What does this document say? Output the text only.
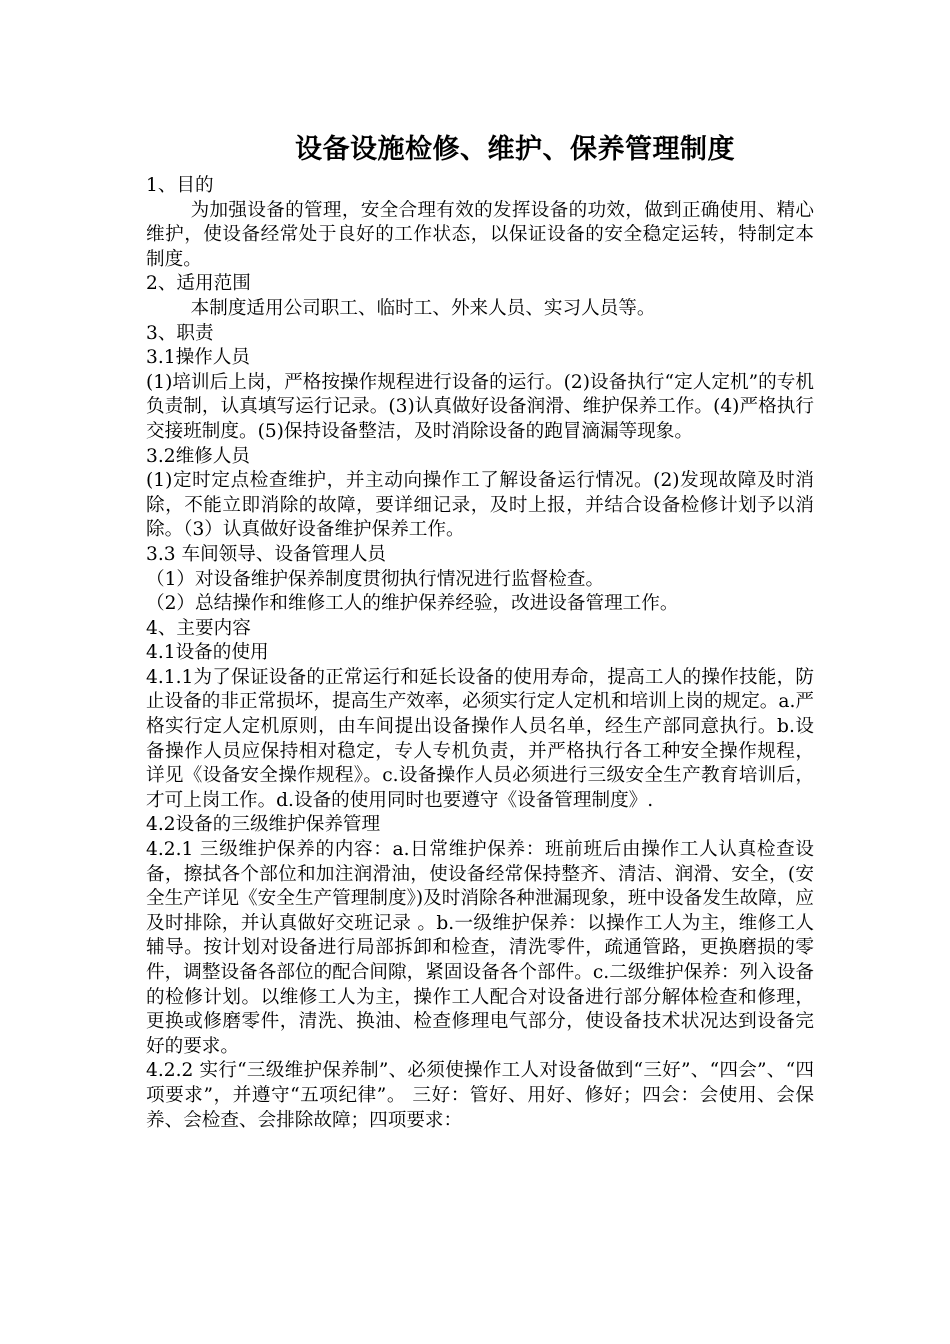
设备设施检修、维护、保养管理制度

1、目的

为加强设备的管理，安全合理有效的发挥设备的功效，做到正确使用、精心维护，使设备经常处于良好的工作状态，以保证设备的安全稳定运转，特制定本制度。

2、适用范围

本制度适用公司职工、临时工、外来人员、实习人员等。

3、职责

3.1操作人员

(1)培训后上岗，严格按操作规程进行设备的运行。(2)设备执行“定人定机”的专机负责制，认真填写运行记录。(3)认真做好设备润滑、维护保养工作。(4)严格执行交接班制度。(5)保持设备整洁，及时消除设备的跑冒滴漏等现象。

3.2维修人员

(1)定时定点检查维护，并主动向操作工了解设备运行情况。(2)发现故障及时消除，不能立即消除的故障，要详细记录，及时上报，并结合设备检修计划予以消除。（3）认真做好设备维护保养工作。

3.3 车间领导、设备管理人员

（1）对设备维护保养制度贯彻执行情况进行监督检查。

（2）总结操作和维修工人的维护保养经验，改进设备管理工作。

4、主要内容

4.1设备的使用

4.1.1为了保证设备的正常运行和延长设备的使用寿命，提高工人的操作技能，防止设备的非正常损坏，提高生产效率，必须实行定人定机和培训上岗的规定。a.严格实行定人定机原则，由车间提出设备操作人员名单，经生产部同意执行。b.设备操作人员应保持相对稳定，专人专机负责，并严格执行各工种安全操作规程，详见《设备安全操作规程》。c.设备操作人员必须进行三级安全生产教育培训后，才可上岗工作。d.设备的使用同时也要遵守《设备管理制度》.

4.2设备的三级维护保养管理

4.2.1 三级维护保养的内容：a.日常维护保养：班前班后由操作工人认真检查设备，擦拭各个部位和加注润滑油，使设备经常保持整齐、清洁、润滑、安全，(安全生产详见《安全生产管理制度》)及时消除各种泄漏现象，班中设备发生故障，应及时排除，并认真做好交班记录 。b.一级维护保养：以操作工人为主，维修工人辅导。按计划对设备进行局部拆卸和检查，清洗零件，疏通管路，更换磨损的零件，调整设备各部位的配合间隙，紧固设备各个部件。c.二级维护保养：列入设备的检修计划。以维修工人为主，操作工人配合对设备进行部分解体检查和修理，更换或修磨零件，清洗、换油、检查修理电气部分，使设备技术状况达到设备完好的要求。

4.2.2 实行“三级维护保养制”、必须使操作工人对设备做到“三好”、“四会”、“四项要求”，并遵守“五项纪律”。 三好：管好、用好、修好；四会：会使用、会保养、会检查、会排除故障；四项要求：
